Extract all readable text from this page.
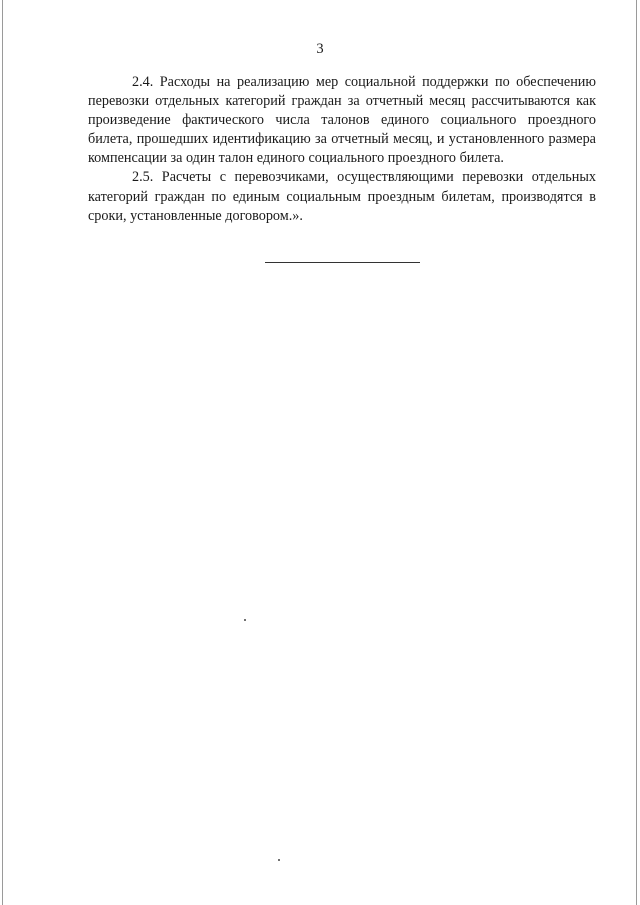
3

2.4. Расходы на реализацию мер социальной поддержки по обеспечению перевозки отдельных категорий граждан за отчетный месяц рассчитываются как произведение фактического числа талонов единого социального проездного билета, прошедших идентификацию за отчетный месяц, и установленного размера компенсации за один талон единого социального проездного билета.

2.5. Расчеты с перевозчиками, осуществляющими перевозки отдельных категорий граждан по единым социальным проездным билетам, производятся в сроки, установленные договором.».
